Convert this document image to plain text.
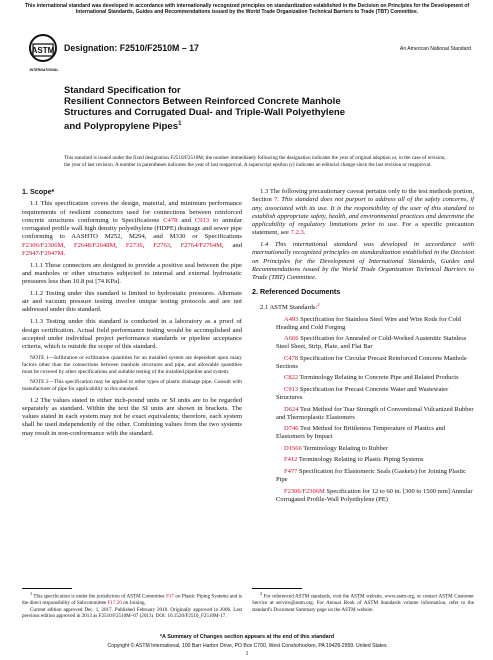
This international standard was developed in accordance with internationally recognized principles on standardization established in the Decision on Principles for the Development of International Standards, Guides and Recommendations issued by the World Trade Organization Technical Barriers to Trade (TBT) Committee.
ASTM
INTERNATIONAL
Designation: F2510/F2510M – 17	An American National Standard
Standard Specification for
Resilient Connectors Between Reinforced Concrete Manhole Structures and Corrugated Dual- and Triple-Wall Polyethylene and Polypropylene Pipes$^1$
This standard is issued under the fixed designation F2510/F2510M; the number immediately following the designation indicates the year of original adoption or, in the case of revision, the year of last revision. A number in parentheses indicates the year of last reapproval. A superscript epsilon (ε) indicates an editorial change since the last revision or reapproval.
1. Scope*

1.1 This specification covers the design, material, and minimum performance requirements of resilient connectors used for connections between reinforced concrete structures conforming to Specifications C478 and C913 to annular corrugated profile wall high density polyethylene (HDPE) drainage and sewer pipe conforming to AASHTO M252, M294, and M330 or Specifications F2306/F2306M, F2648/F2648M, F2736, F2763, F2764/F2764M, and F2947/F2947M.

1.1.1 These connectors are designed to provide a positive seal between the pipe and manholes or other structures subjected to internal and external hydrostatic pressures less than 10.8 psi [74 KPa].

1.1.2 Testing under this standard is limited to hydrostatic pressures. Alternate air and vacuum pressure testing involve unique testing protocols and are not addressed under this standard.

1.1.3 Testing under this standard is conducted in a laboratory as a proof of design certification. Actual field performance testing would be accomplished and accepted under individual project performance standards or pipeline acceptance criteria, which is outside the scope of this standard.

NOTE 1—Infiltration or exfiltration quantities for an installed system are dependent upon many factors other than the connections between manhole structures and pipe, and allowable quantities must be covered by other specifications and suitable testing of the installed pipeline and system.

NOTE 2—This specification may be applied to other types of plastic drainage pipe. Consult with manufacturer of pipe for applicability to this standard.

1.2 The values stated in either inch-pound units or SI units are to be regarded separately as standard. Within the text the SI units are shown in brackets. The values stated in each system may not be exact equivalents; therefore, each system shall be used independently of the other. Combining values from the two systems may result in non-conformance with the standard.

1.3 The following precautionary caveat pertains only to the test methods portion, Section 7. This standard does not purport to address all of the safety concerns, if any, associated with its use. It is the responsibility of the user of this standard to establish appropriate safety, health, and environmental practices and determine the applicability of regulatory limitations prior to use. For a specific precaution statement, see 7.2.3.

1.4 This international standard was developed in accordance with internationally recognized principles on standardization established in the Decision on Principles for the Development of International Standards, Guides and Recommendations issued by the World Trade Organization Technical Barriers to Trade (TBT) Committee.

2. Referenced Documents

2.1 ASTM Standards:$^2$

A493 Specification for Stainless Steel Wire and Wire Rods for Cold Heading and Cold Forging

A666 Specification for Annealed or Cold-Worked Austenitic Stainless Steel Sheet, Strip, Plate, and Flat Bar

C478 Specification for Circular Precast Reinforced Concrete Manhole Sections

C822 Terminology Relating to Concrete Pipe and Related Products

C913 Specification for Precast Concrete Water and Wastewater Structures

D624 Test Method for Tear Strength of Conventional Vulcanized Rubber and Thermoplastic Elastomers

D746 Test Method for Brittleness Temperature of Plastics and Elastomers by Impact

D1566 Terminology Relating to Rubber

F412 Terminology Relating to Plastic Piping Systems

F477 Specification for Elastomeric Seals (Gaskets) for Joining Plastic Pipe

F2306/F2306M Specification for 12 to 60 in. [300 to 1500 mm] Annular Corrugated Profile-Wall Polyethylene (PE)

$^1$ This specification is under the jurisdiction of ASTM Committee F17 on Plastic Piping Systems and is the direct responsibility of Subcommittee F17.20 on Joining.
Current edition approved Dec. 1, 2017. Published February 2018. Originally approved in 2006. Last previous edition approved in 2013 as F2510/F2510M–07 (2013). DOI: 10.1520/F2510_F2510M-17.
$^2$ For referenced ASTM standards, visit the ASTM website, www.astm.org, or contact ASTM Customer Service at service@astm.org. For Annual Book of ASTM Standards volume information, refer to the standard's Document Summary page on the ASTM website.
*A Summary of Changes section appears at the end of this standard
Copyright © ASTM International, 100 Barr Harbor Drive, PO Box C700, West Conshohocken, PA 19428-2959. United States
1
